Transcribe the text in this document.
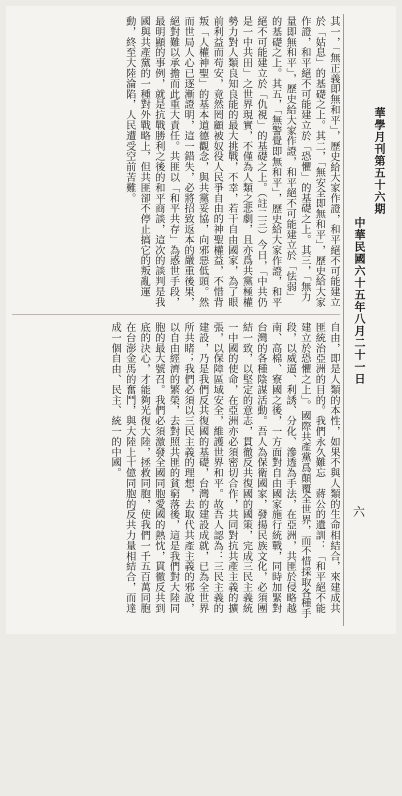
華學月刊第五十六期
中華民國六十五年八月二十一日
六
其一，「無正義即無和平」，歷史給大家作證，和平絕不可能建立於「姑息」的基礎之上。其二，「無安全即無和平」，歷史給大家作證，和平絕不可能建立於「恐懼」的基礎之上。其三，「無力量即無和平」，歷史給大家作證，和平絕不可能建立於「怯弱」的基礎之上。其五，「無警覺即無和平」，歷史給大家作證，和平絕不可能建立於「仇視」的基礎之上。（註二三）今日，「中共仍是一中共田」之世界現實，不僅為人類之悲劇，且亦爲共黨極權勢力對人類良知良能的最大挑戰，不幸，若干自由國家，為了眼前利益而苟安，竟然罔顧被奴役人民爭自由的神聖權益，不惜背叛「人權神聖」的基本道德觀念，與共黨妥協，向邪惡低頭。然而世局人心已逐漸證明，這一錯失，必將招致返本的嚴重後果，絕對難以承擔而此重大責任。共匪以「和平共存」為惑世手段，最明顯的事例，就是抗戰勝利之後的和平商談，這次的談判是我國與共產黨的一種對外戰略上，但共匪卻不停止搞它的叛亂運動，終至大陸淪陷，人民遭受空前苦難。
自由，即是人類的本性，如果不與人類的生命相結合，來建成共匪統治亞洲的目的。我們永久難忘　蔣公的遺訓：「和平絕不能建立於恐懼之上」。國際共產黨爲顛覆全世界，而不惜採取各種手段，以威逼、利誘、分化、滲透為手法，在亞洲，共匪於侵略越南、高棉、寮國之後，一方面對自由國家施行統戰，同時加緊對台灣的各種陰謀活動。吾人為保衛國家，發揚民族文化，必須團結一致，以堅定的意志，貫徹反共復國的國策，完成三民主義統一中國的使命，在亞洲亦必須密切合作，共同對抗共產主義的擴張，以保障區域安全，維護世界和平。故吾人認為：三民主義的建設，乃是我們反共復國的基礎，台灣的建設成就，已為全世界所共睹；我們必須以三民主義的理想，去取代共產主義的邪說，以自由經濟的繁榮，去對照共匪的貧窮落後，這是我們對大陸同胞的最大號召。我們必須激發全國同胞愛國的熱忱，貫徹反共到底的決心，才能夠光復大陸，拯救同胞，使我們一千五百萬同胞在台澎金馬的奮鬥，與大陸上十億同胞的反共力量相結合，而達成一個自由、民主、統一的中國。
